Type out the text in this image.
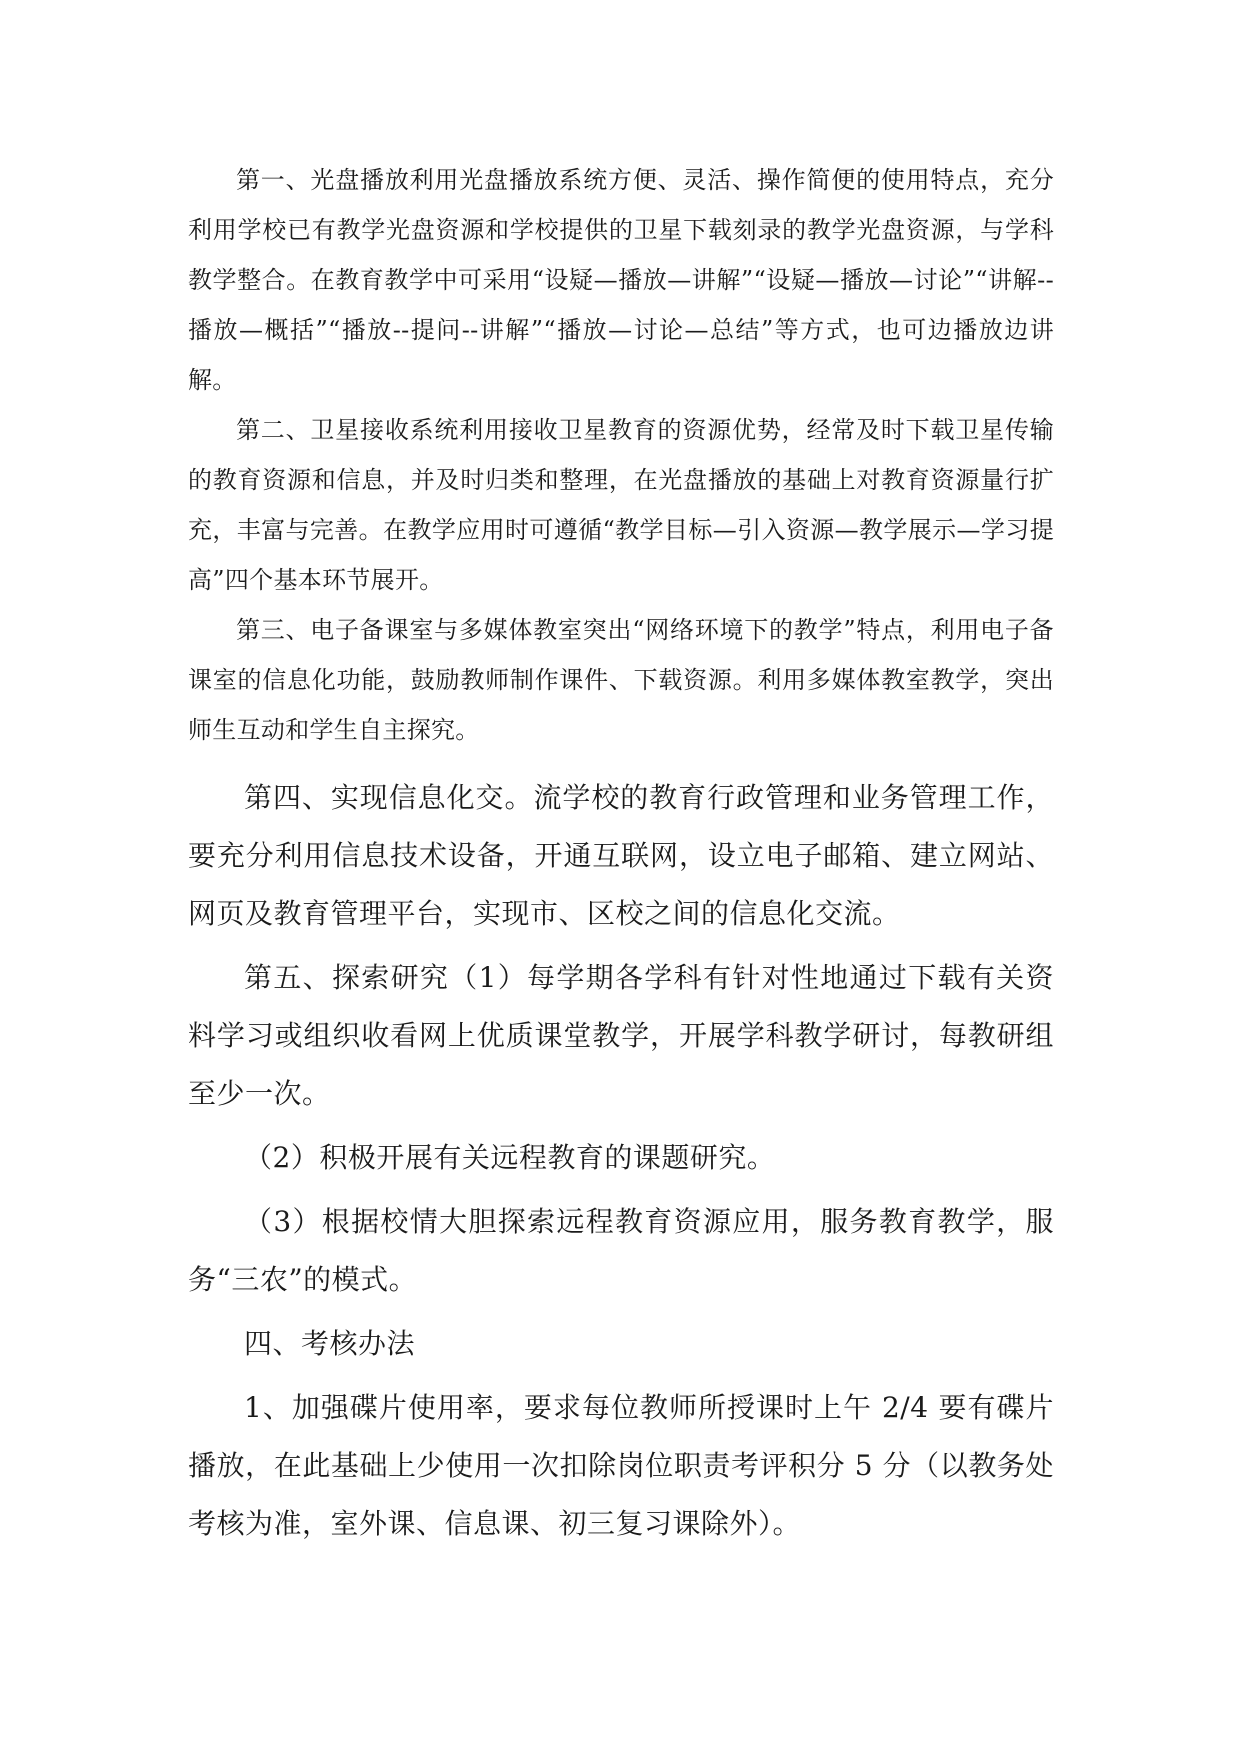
第一、光盘播放利用光盘播放系统方便、灵活、操作简便的使用特点，充分利用学校已有教学光盘资源和学校提供的卫星下载刻录的教学光盘资源，与学科教学整合。在教育教学中可采用“设疑—播放—讲解”“设疑—播放—讨论”“讲解--播放—概括”“播放--提问--讲解”“播放—讨论—总结”等方式，也可边播放边讲解。

第二、卫星接收系统利用接收卫星教育的资源优势，经常及时下载卫星传输的教育资源和信息，并及时归类和整理，在光盘播放的基础上对教育资源量行扩充，丰富与完善。在教学应用时可遵循“教学目标—引入资源—教学展示—学习提高”四个基本环节展开。

第三、电子备课室与多媒体教室突出“网络环境下的教学”特点，利用电子备课室的信息化功能，鼓励教师制作课件、下载资源。利用多媒体教室教学，突出师生互动和学生自主探究。

第四、实现信息化交。流学校的教育行政管理和业务管理工作，要充分利用信息技术设备，开通互联网，设立电子邮箱、建立网站、网页及教育管理平台，实现市、区校之间的信息化交流。

第五、探索研究（1）每学期各学科有针对性地通过下载有关资料学习或组织收看网上优质课堂教学，开展学科教学研讨，每教研组至少一次。

（2）积极开展有关远程教育的课题研究。

（3）根据校情大胆探索远程教育资源应用，服务教育教学，服务“三农”的模式。

四、考核办法

1、加强碟片使用率，要求每位教师所授课时上午 2/4 要有碟片播放，在此基础上少使用一次扣除岗位职责考评积分 5 分（以教务处考核为准，室外课、信息课、初三复习课除外）。
